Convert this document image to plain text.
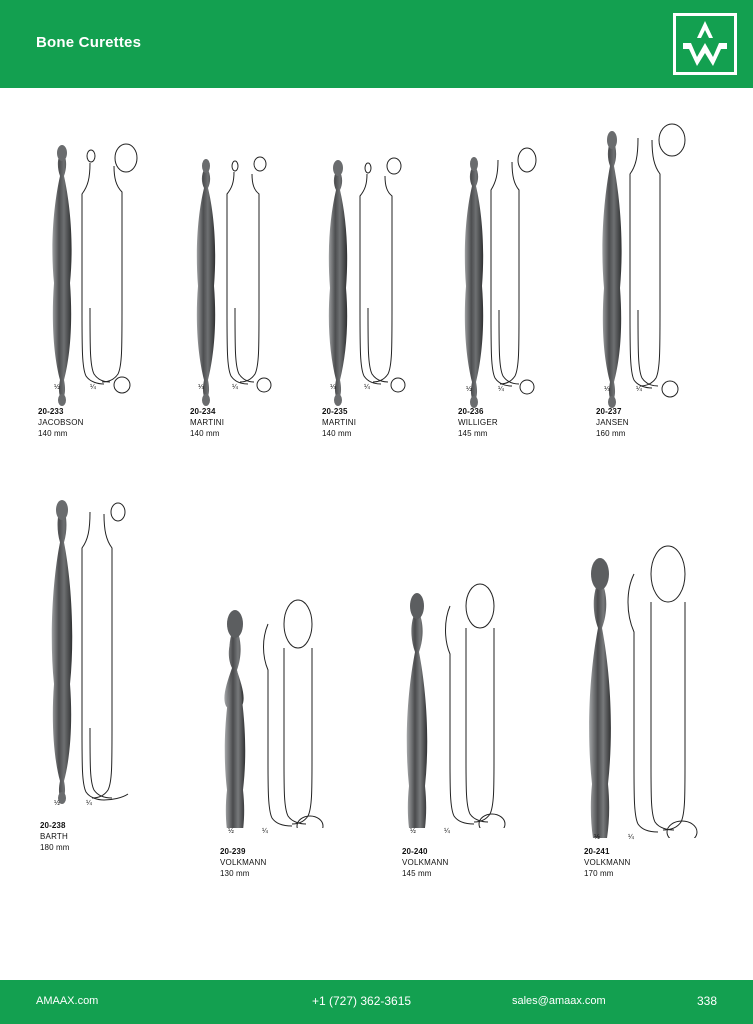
Bone Curettes
½	¼
20-233
JACOBSON
140 mm
⅓	¼
20-234
MARTINI
140 mm
⅓	¼
20-235
MARTINI
140 mm
½	¼
20-236
WILLIGER
145 mm
⅓	¼
20-237
JANSEN
160 mm
½	¼
20-238
BARTH
180 mm
½	¼
20-239
VOLKMANN
130 mm
½	¼
20-240
VOLKMANN
145 mm
½	¼
20-241
VOLKMANN
170 mm
AMAAX.com	+1 (727) 362-3615	sales@amaax.com	338
